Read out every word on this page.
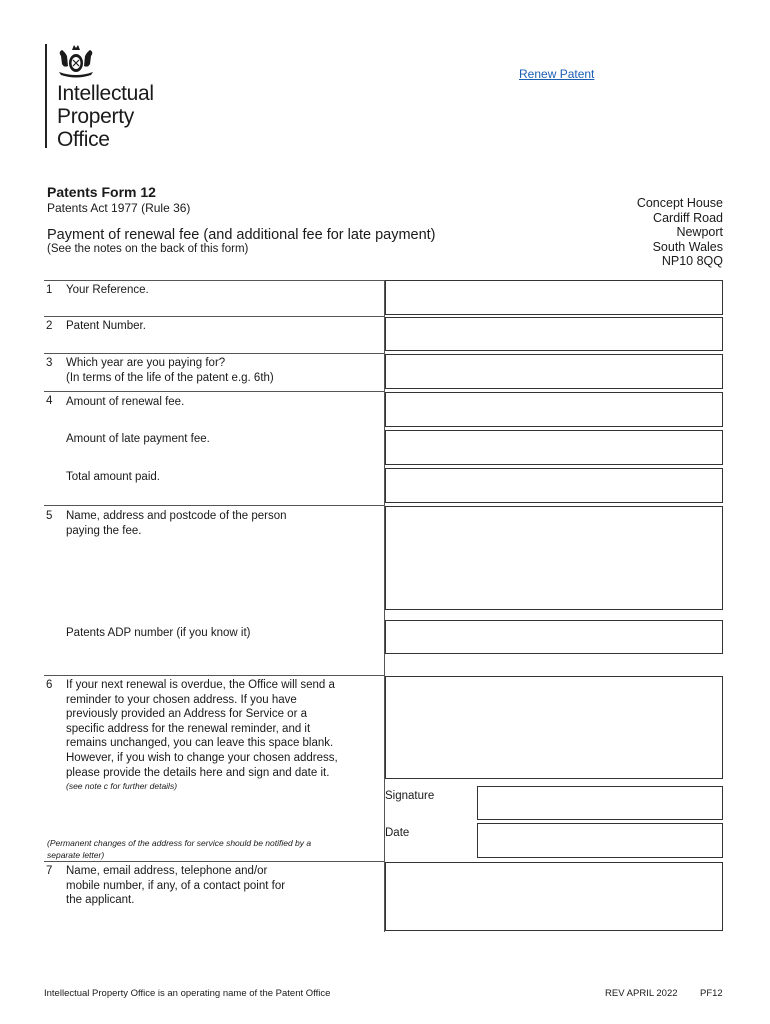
Intellectual
Property
Office
Renew Patent
Patents Form 12
Patents Act 1977 (Rule 36)
Payment of renewal fee (and additional fee for late payment)
(See the notes on the back of this form)
Concept House
Cardiff Road
Newport
South Wales
NP10 8QQ
1 Your Reference.
2 Patent Number.
3 Which year are you paying for?
(In terms of the life of the patent e.g. 6th)
4 Amount of renewal fee.
Amount of late payment fee.
Total amount paid.
5 Name, address and postcode of the person
paying the fee.
Patents ADP number (if you know it)
6 If your next renewal is overdue, the Office will send a
reminder to your chosen address. If you have
previously provided an Address for Service or a
specific address for the renewal reminder, and it
remains unchanged, you can leave this space blank.
However, if you wish to change your chosen address,
please provide the details here and sign and date it.
(see note c for further details)
Signature
Date
(Permanent changes of the address for service should be notified by a
separate letter)
7 Name, email address, telephone and/or
mobile number, if any, of a contact point for
the applicant.
Intellectual Property Office is an operating name of the Patent Office	REV APRIL 2022 PF12
